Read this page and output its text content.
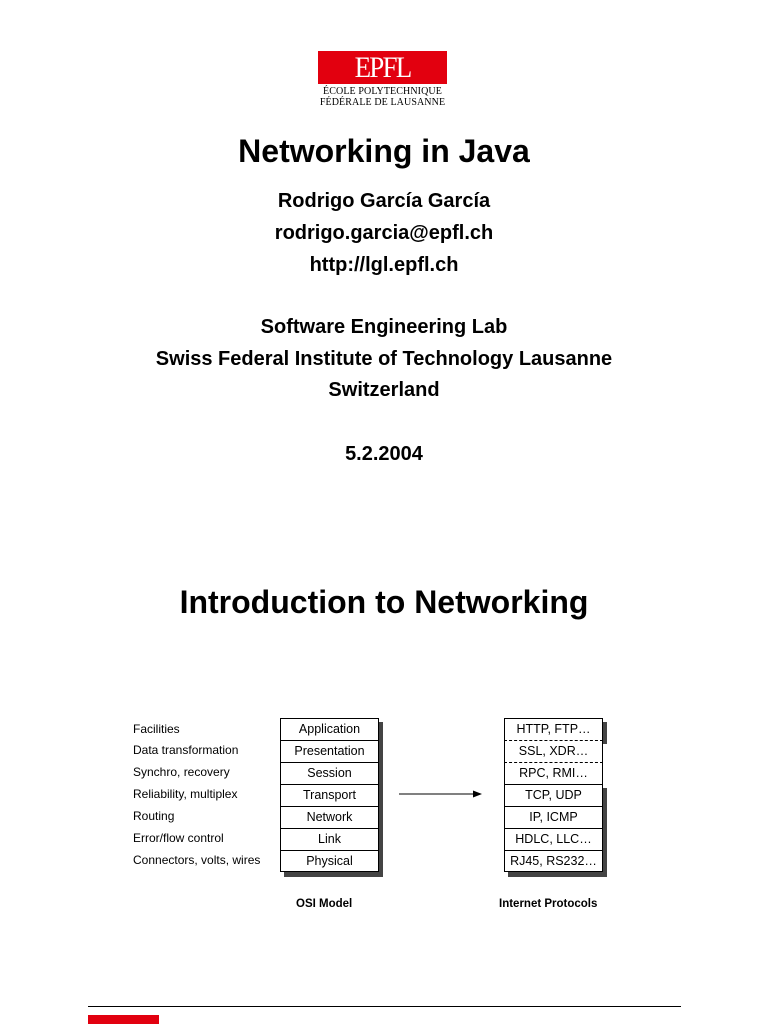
EPFL
ÉCOLE POLYTECHNIQUE
FÉDÉRALE DE LAUSANNE
Networking in Java
Rodrigo García García
rodrigo.garcia@epfl.ch
http://lgl.epfl.ch
Software Engineering Lab
Swiss Federal Institute of Technology Lausanne
Switzerland
5.2.2004
Introduction to Networking
Facilities
Data transformation
Synchro, recovery
Reliability, multiplex
Routing
Error/flow control
Connectors, volts, wires
Application
Presentation
Session
Transport
Network
Link
Physical
HTTP, FTP…
SSL, XDR…
RPC, RMI…
TCP, UDP
IP, ICMP
HDLC, LLC…
RJ45, RS232…
OSI Model	Internet Protocols
